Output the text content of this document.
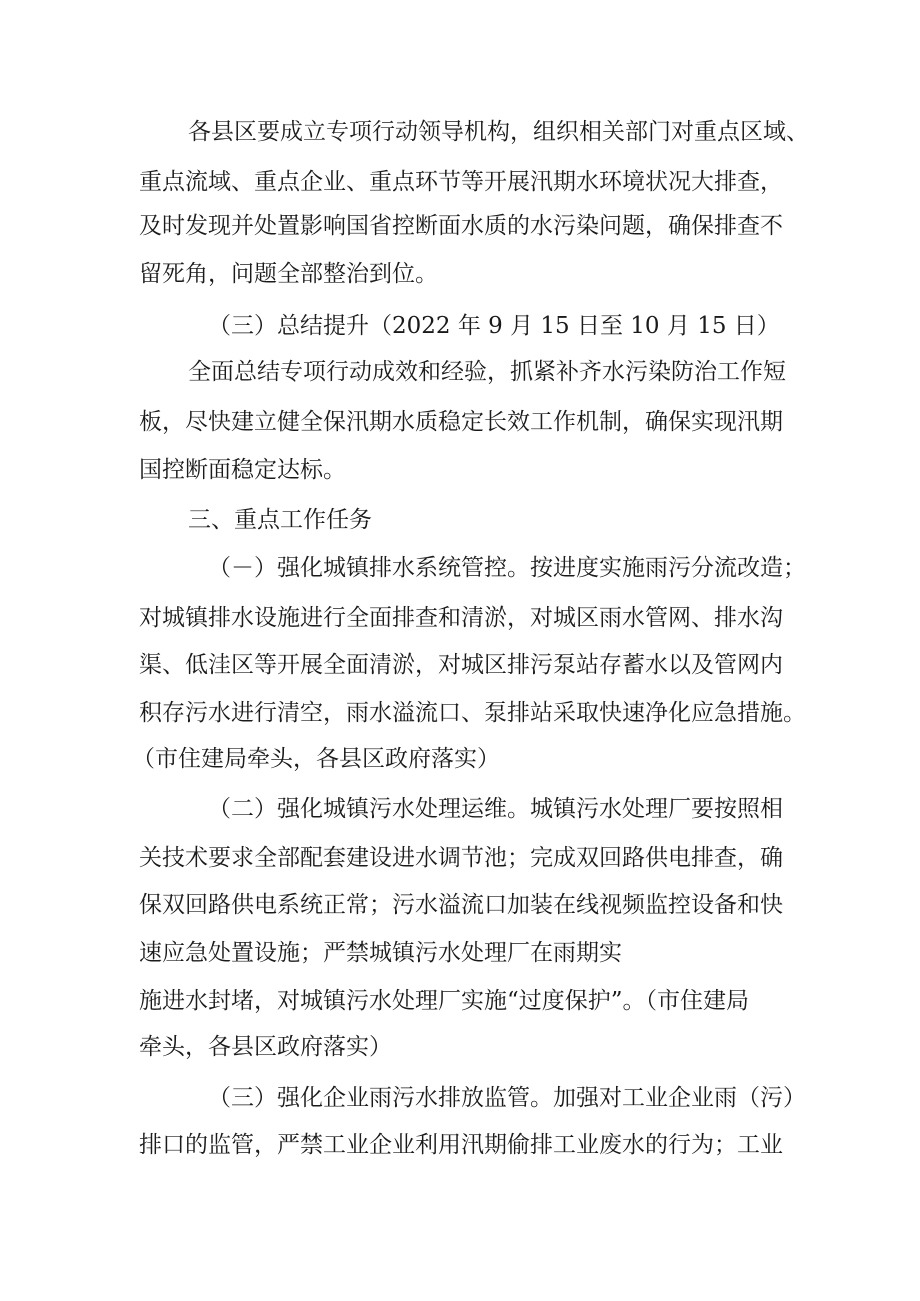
各县区要成立专项行动领导机构，组织相关部门对重点区域、
重点流域、重点企业、重点环节等开展汛期水环境状况大排查，
及时发现并处置影响国省控断面水质的水污染问题，确保排查不
留死角，问题全部整治到位。
（三）总结提升（2022 年 9 月 15 日至 10 月 15 日）
全面总结专项行动成效和经验，抓紧补齐水污染防治工作短
板，尽快建立健全保汛期水质稳定长效工作机制，确保实现汛期
国控断面稳定达标。
三、重点工作任务
（－）强化城镇排水系统管控。按进度实施雨污分流改造；
对城镇排水设施进行全面排查和清淤，对城区雨水管网、排水沟
渠、低洼区等开展全面清淤，对城区排污泵站存蓄水以及管网内
积存污水进行清空，雨水溢流口、泵排站采取快速净化应急措施。
（市住建局牵头，各县区政府落实）
（二）强化城镇污水处理运维。城镇污水处理厂要按照相
关技术要求全部配套建设进水调节池；完成双回路供电排查，确
保双回路供电系统正常；污水溢流口加装在线视频监控设备和快
速应急处置设施；严禁城镇污水处理厂在雨期实
施进水封堵，对城镇污水处理厂实施“过度保护”。（市住建局
牵头，各县区政府落实）
（三）强化企业雨污水排放监管。加强对工业企业雨（污）
排口的监管，严禁工业企业利用汛期偷排工业废水的行为；工业
